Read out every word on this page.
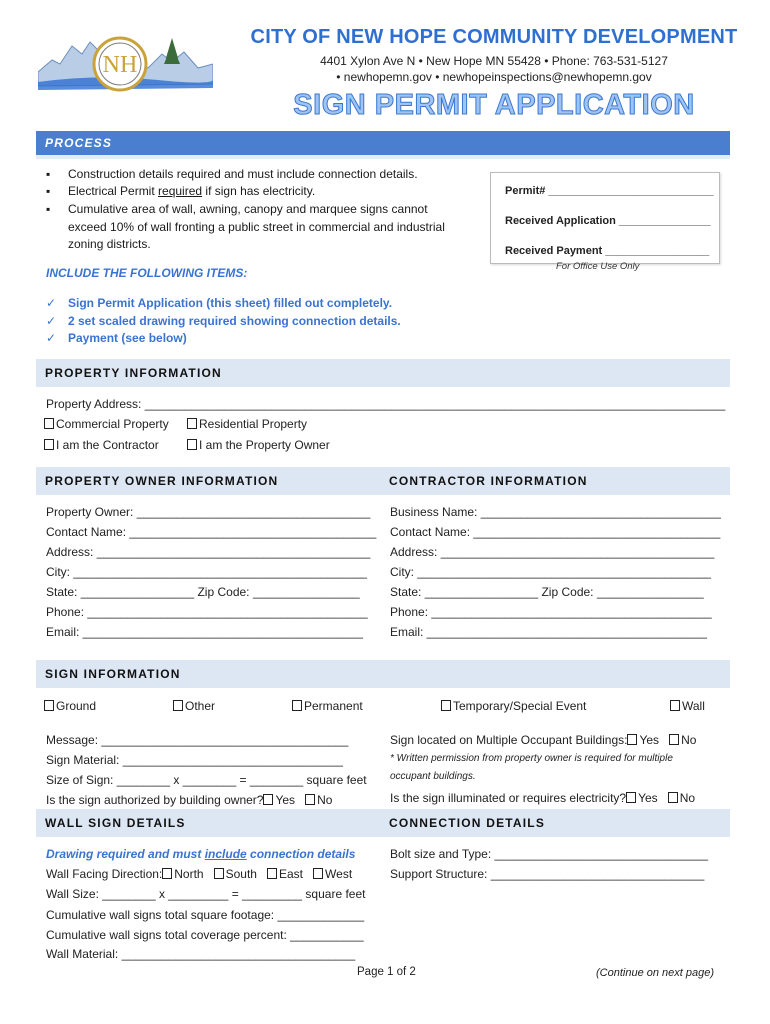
NH
CITY OF NEW HOPE COMMUNITY DEVELOPMENT
4401 Xylon Ave N • New Hope MN 55428 • Phone: 763-531-5127
• newhopemn.gov • newhopeinspections@newhopemn.gov
SIGN PERMIT APPLICATION
PROCESS
▪ Construction details required and must include connection details.
▪ Electrical Permit required if sign has electricity.
▪ Cumulative area of wall, awning, canopy and marquee signs cannot
exceed 10% of wall fronting a public street in commercial and industrial
zoning districts.
Permit# ___________________________
Received Application _______________
Received Payment _________________
For Office Use Only
INCLUDE THE FOLLOWING ITEMS:
✓ Sign Permit Application (this sheet) filled out completely.
✓ 2 set scaled drawing required showing connection details.
✓ Payment (see below)
PROPERTY INFORMATION
Property Address: _______________________________________________________________________________________
Commercial Property	Residential Property
I am the Contractor	I am the Property Owner
PROPERTY OWNER INFORMATION	CONTRACTOR INFORMATION
Property Owner: ___________________________________
Contact Name: _____________________________________
Address: _________________________________________
City: ____________________________________________
State: _________________ Zip Code: ________________
Phone: __________________________________________
Email: __________________________________________
Business Name: ____________________________________
Contact Name: _____________________________________
Address: _________________________________________
City: ____________________________________________
State: _________________ Zip Code: ________________
Phone: __________________________________________
Email: __________________________________________
SIGN INFORMATION
Ground	Other	Permanent	Temporary/Special Event	Wall
Message: _____________________________________
Sign Material: _________________________________
Size of Sign: ________ x ________ = ________ square feet
Is the sign authorized by building owner? Yes No
Sign located on Multiple Occupant Buildings: Yes No
* Written permission from property owner is required for multiple
occupant buildings.
Is the sign illuminated or requires electricity? Yes No
WALL SIGN DETAILS	CONNECTION DETAILS
Drawing required and must include connection details
Wall Facing Direction: North South East West
Wall Size: ________ x _________ = _________ square feet
Cumulative wall signs total square footage: _____________
Cumulative wall signs total coverage percent: ___________
Wall Material: ___________________________________
Bolt size and Type: ________________________________
Support Structure: ________________________________
Page 1 of 2	(Continue on next page)
